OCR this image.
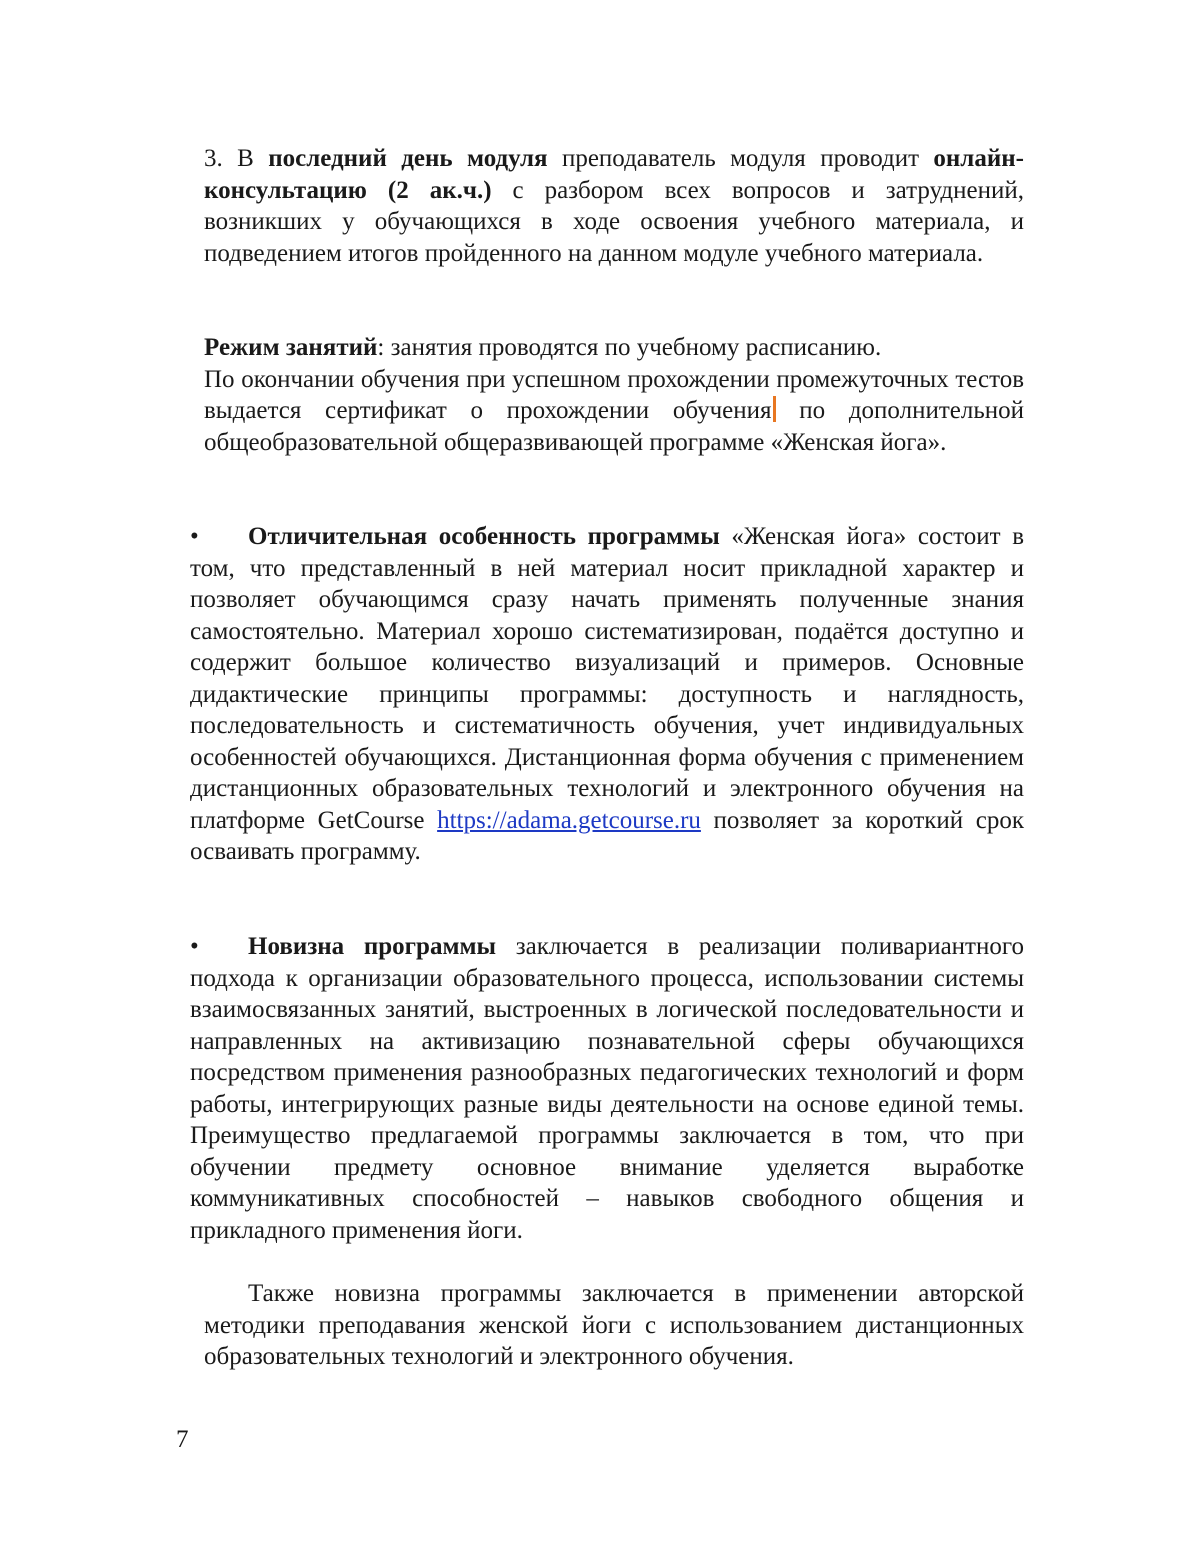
3. В последний день модуля преподаватель модуля проводит онлайн-консультацию (2 ак.ч.) с разбором всех вопросов и затруднений, возникших у обучающихся в ходе освоения учебного материала, и подведением итогов пройденного на данном модуле учебного материала.

Режим занятий: занятия проводятся по учебному расписанию.

По окончании обучения при успешном прохождении промежуточных тестов выдается сертификат о прохождении обучения по дополнительной общеобразовательной общеразвивающей программе «Женская йога».

• Отличительная особенность программы «Женская йога» состоит в том, что представленный в ней материал носит прикладной характер и позволяет обучающимся сразу начать применять полученные знания самостоятельно. Материал хорошо систематизирован, подаётся доступно и содержит большое количество визуализаций и примеров. Основные дидактические принципы программы: доступность и наглядность, последовательность и систематичность обучения, учет индивидуальных особенностей обучающихся. Дистанционная форма обучения с применением дистанционных образовательных технологий и электронного обучения на платформе GetCourse https://adama.getcourse.ru позволяет за короткий срок осваивать программу.

• Новизна программы заключается в реализации поливариантного подхода к организации образовательного процесса, использовании системы взаимосвязанных занятий, выстроенных в логической последовательности и направленных на активизацию познавательной сферы обучающихся посредством применения разнообразных педагогических технологий и форм работы, интегрирующих разные виды деятельности на основе единой темы. Преимущество предлагаемой программы заключается в том, что при обучении предмету основное внимание уделяется выработке коммуникативных способностей – навыков свободного общения и прикладного применения йоги.

Также новизна программы заключается в применении авторской методики преподавания женской йоги с использованием дистанционных образовательных технологий и электронного обучения.

7
